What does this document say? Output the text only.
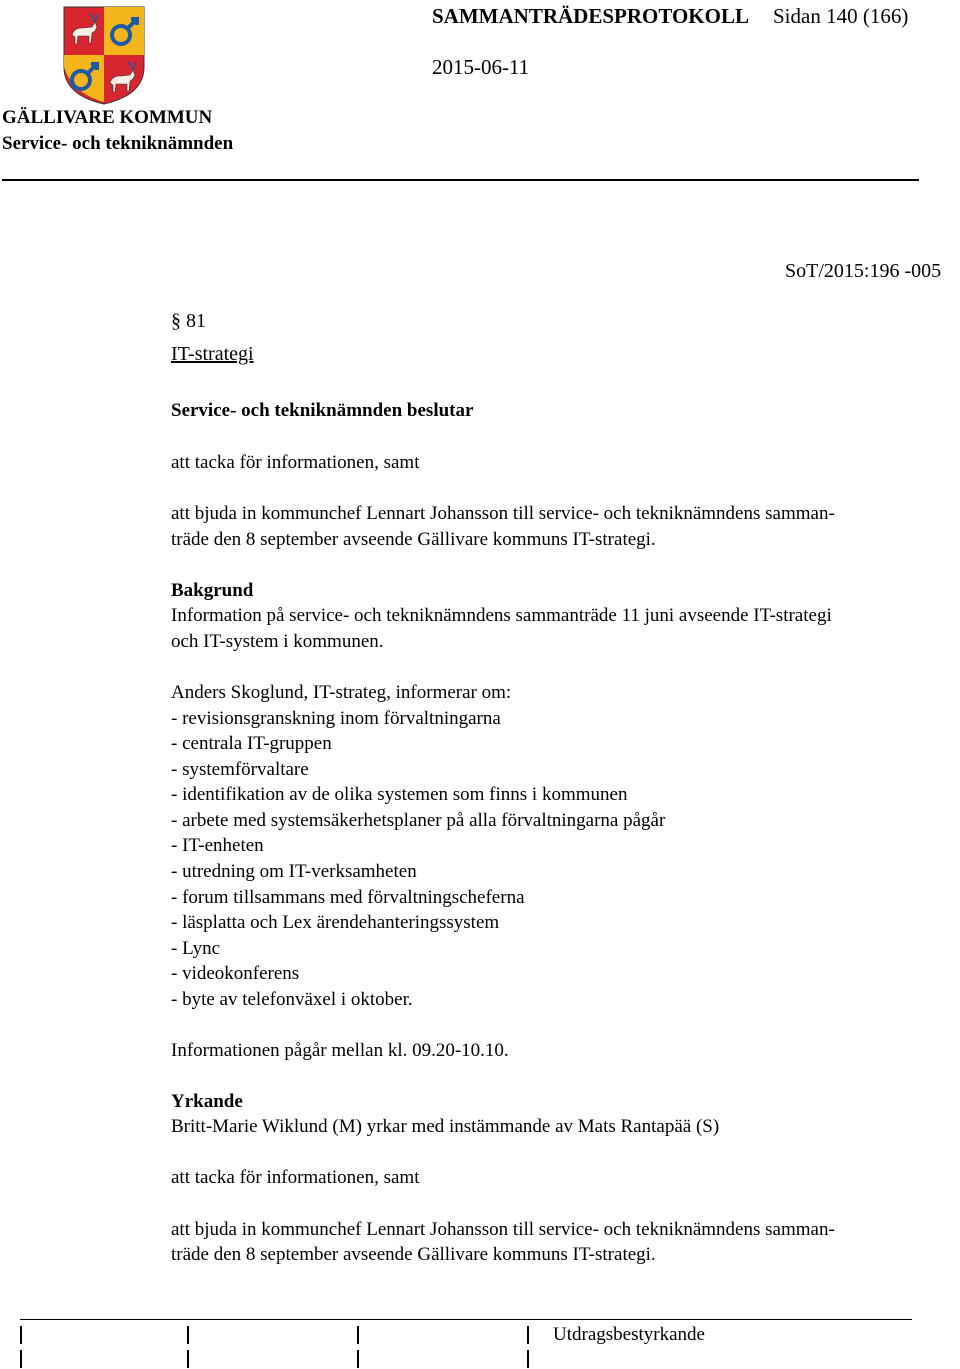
SAMMANTRÄDESPROTOKOLL Sidan 140 (166)
2015-06-11
GÄLLIVARE KOMMUN
Service- och tekniknämnden
SoT/2015:196 -005
§ 81
IT-strategi
Service- och tekniknämnden beslutar
att tacka för informationen, samt
att bjuda in kommunchef Lennart Johansson till service- och tekniknämndens samman-
träde den 8 september avseende Gällivare kommuns IT-strategi.
Bakgrund
Information på service- och tekniknämndens sammanträde 11 juni avseende IT-strategi
och IT-system i kommunen.
Anders Skoglund, IT-strateg, informerar om:
- revisionsgranskning inom förvaltningarna
- centrala IT-gruppen
- systemförvaltare
- identifikation av de olika systemen som finns i kommunen
- arbete med systemsäkerhetsplaner på alla förvaltningarna pågår
- IT-enheten
- utredning om IT-verksamheten
- forum tillsammans med förvaltningscheferna
- läsplatta och Lex ärendehanteringssystem
- Lync
- videokonferens
- byte av telefonväxel i oktober.
Informationen pågår mellan kl. 09.20-10.10.
Yrkande
Britt-Marie Wiklund (M) yrkar med instämmande av Mats Rantapää (S)
att tacka för informationen, samt
att bjuda in kommunchef Lennart Johansson till service- och tekniknämndens samman-
träde den 8 september avseende Gällivare kommuns IT-strategi.
Utdragsbestyrkande
